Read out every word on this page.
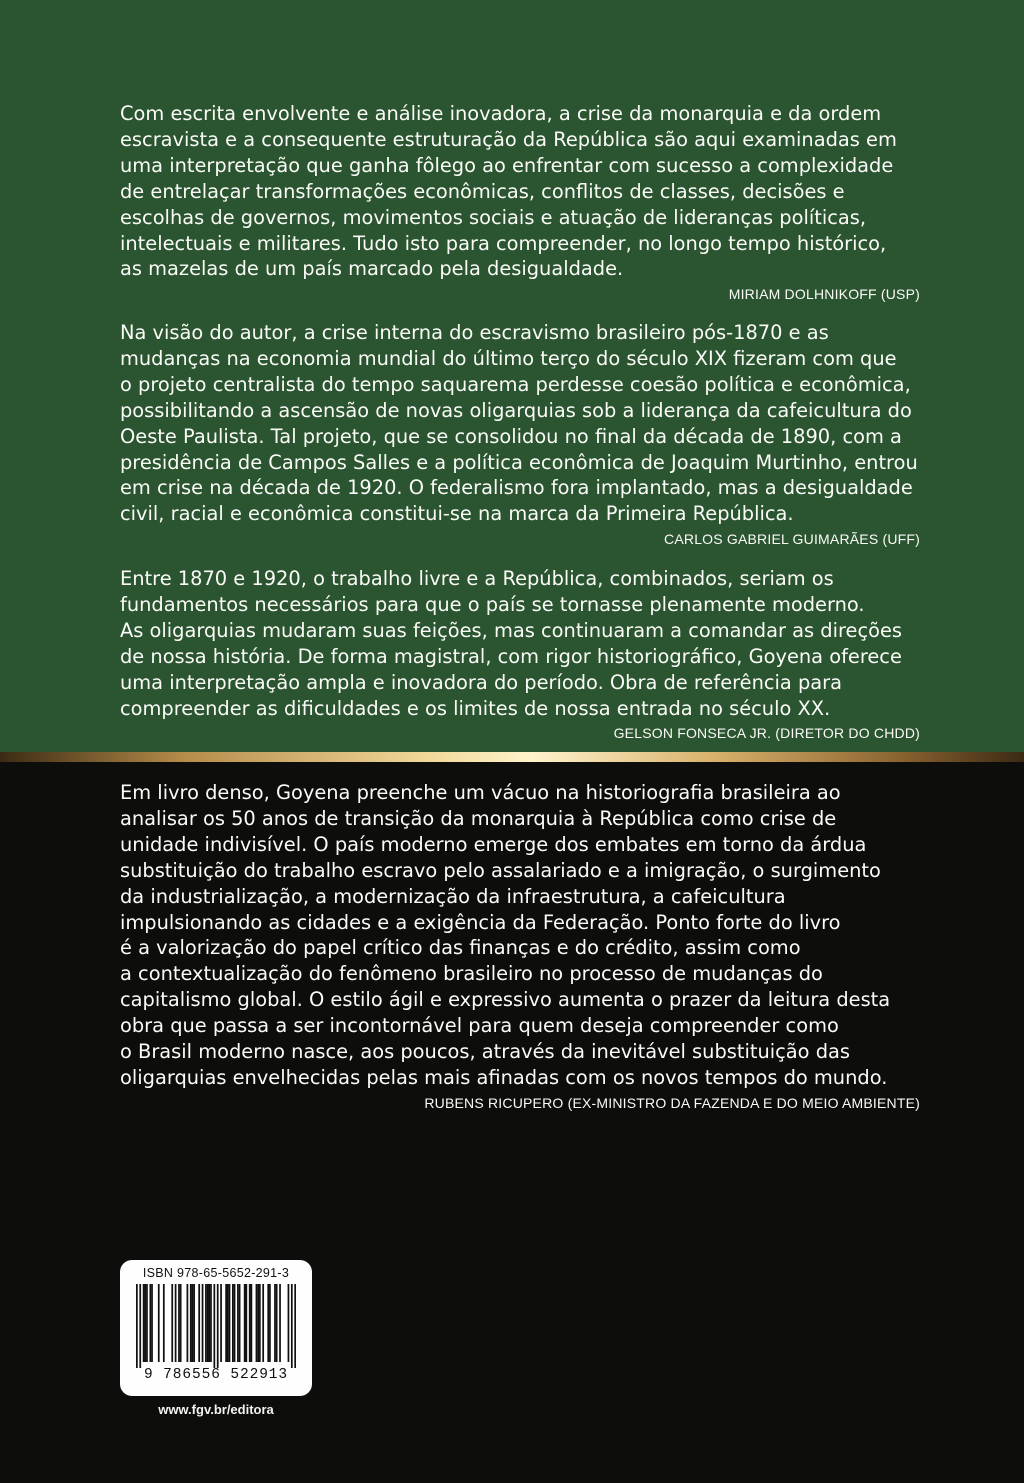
Com escrita envolvente e análise inovadora, a crise da monarquia e da ordem
escravista e a consequente estruturação da República são aqui examinadas em
uma interpretação que ganha fôlego ao enfrentar com sucesso a complexidade
de entrelaçar transformações econômicas, conflitos de classes, decisões e
escolhas de governos, movimentos sociais e atuação de lideranças políticas,
intelectuais e militares. Tudo isto para compreender, no longo tempo histórico,
as mazelas de um país marcado pela desigualdade.

MIRIAM DOLHNIKOFF (USP)

Na visão do autor, a crise interna do escravismo brasileiro pós-1870 e as
mudanças na economia mundial do último terço do século XIX fizeram com que
o projeto centralista do tempo saquarema perdesse coesão política e econômica,
possibilitando a ascensão de novas oligarquias sob a liderança da cafeicultura do
Oeste Paulista. Tal projeto, que se consolidou no final da década de 1890, com a
presidência de Campos Salles e a política econômica de Joaquim Murtinho, entrou
em crise na década de 1920. O federalismo fora implantado, mas a desigualdade
civil, racial e econômica constitui-se na marca da Primeira República.

CARLOS GABRIEL GUIMARÃES (UFF)

Entre 1870 e 1920, o trabalho livre e a República, combinados, seriam os
fundamentos necessários para que o país se tornasse plenamente moderno.
As oligarquias mudaram suas feições, mas continuaram a comandar as direções
de nossa história. De forma magistral, com rigor historiográfico, Goyena oferece
uma interpretação ampla e inovadora do período. Obra de referência para
compreender as dificuldades e os limites de nossa entrada no século XX.

GELSON FONSECA JR. (DIRETOR DO CHDD)

Em livro denso, Goyena preenche um vácuo na historiografia brasileira ao
analisar os 50 anos de transição da monarquia à República como crise de
unidade indivisível. O país moderno emerge dos embates em torno da árdua
substituição do trabalho escravo pelo assalariado e a imigração, o surgimento
da industrialização, a modernização da infraestrutura, a cafeicultura
impulsionando as cidades e a exigência da Federação. Ponto forte do livro
é a valorização do papel crítico das finanças e do crédito, assim como
a contextualização do fenômeno brasileiro no processo de mudanças do
capitalismo global. O estilo ágil e expressivo aumenta o prazer da leitura desta
obra que passa a ser incontornável para quem deseja compreender como
o Brasil moderno nasce, aos poucos, através da inevitável substituição das
oligarquias envelhecidas pelas mais afinadas com os novos tempos do mundo.

RUBENS RICUPERO (EX-MINISTRO DA FAZENDA E DO MEIO AMBIENTE)

ISBN 978-65-5652-291-3
9 786556 522913
www.fgv.br/editora
